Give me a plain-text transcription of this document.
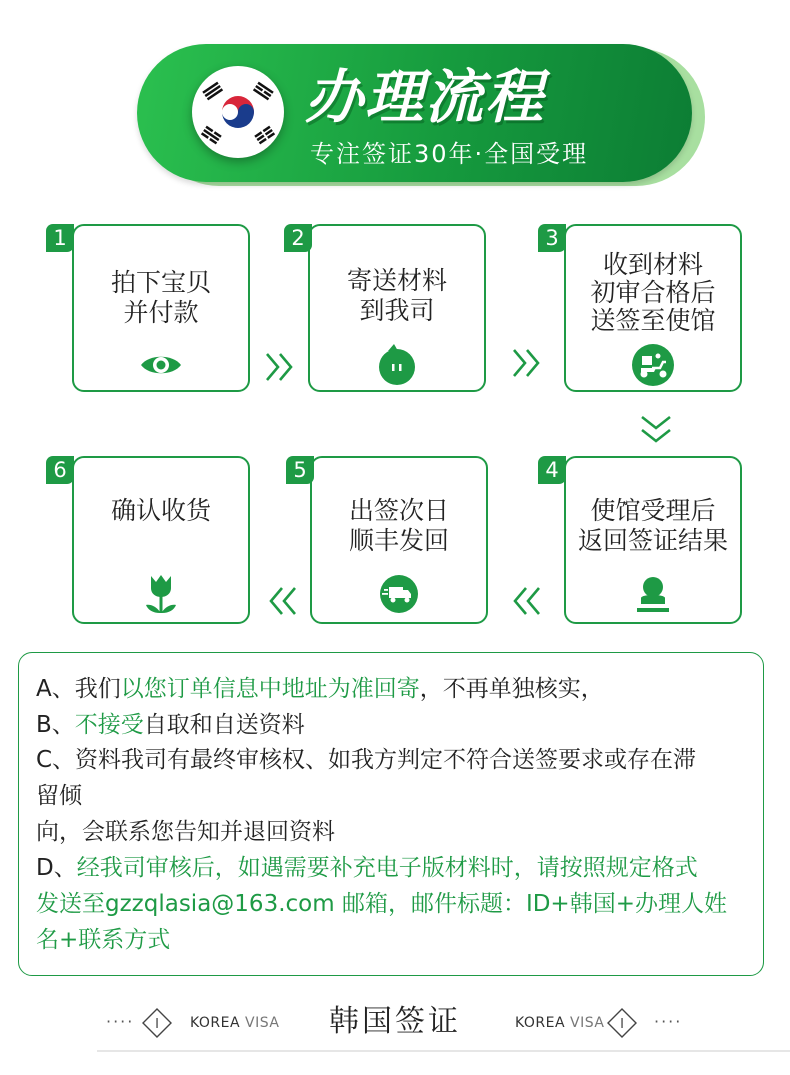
办理流程
专注签证30年·全国受理
拍下宝贝
并付款
1
寄送材料
到我司
2
收到材料
初审合格后
送签至使馆
3
确认收货
6
出签次日
顺丰发回
5
使馆受理后
返回签证结果
4
A、我们以您订单信息中地址为准回寄，不再单独核实，
B、不接受自取和自送资料
C、资料我司有最终审核权、如我方判定不符合送签要求或存在滞
留倾
向，会联系您告知并退回资料
D、经我司审核后，如遇需要补充电子版材料时，请按照规定格式
发送至gzzqlasia@163.com 邮箱，邮件标题：ID+韩国+办理人姓
名+联系方式
···· I KOREA VISA	韩国签证	KOREA VISA I ····
